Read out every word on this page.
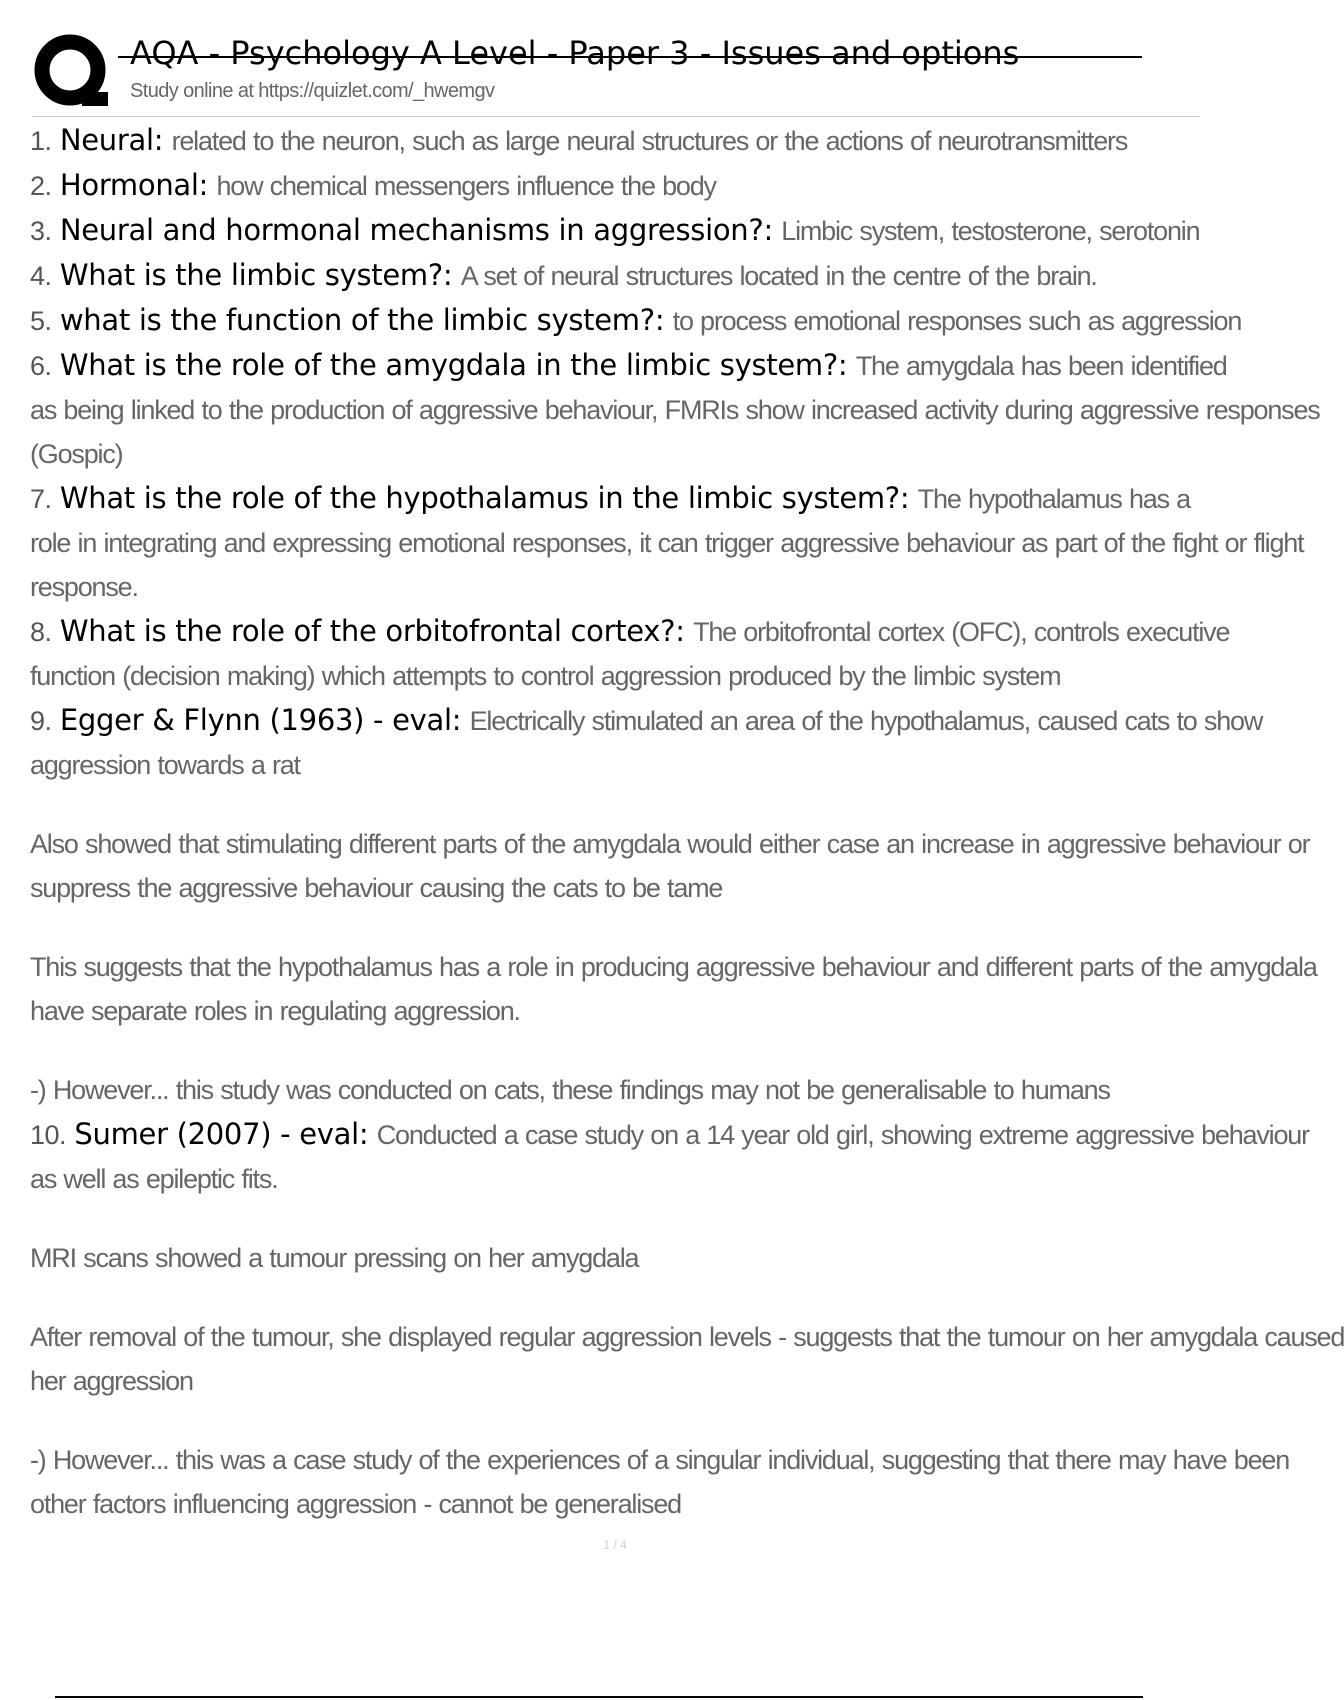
AQA - Psychology A Level - Paper 3 - Issues and options
Study online at https://quizlet.com/_hwemgv

1. Neural: related to the neuron, such as large neural structures or the actions of neurotransmitters

2. Hormonal: how chemical messengers influence the body

3. Neural and hormonal mechanisms in aggression?: Limbic system, testosterone, serotonin

4. What is the limbic system?: A set of neural structures located in the centre of the brain.

5. what is the function of the limbic system?: to process emotional responses such as aggression

6. What is the role of the amygdala in the limbic system?: The amygdala has been identified

as being linked to the production of aggressive behaviour, FMRIs show increased activity during aggressive responses

(Gospic)

7. What is the role of the hypothalamus in the limbic system?: The hypothalamus has a

role in integrating and expressing emotional responses, it can trigger aggressive behaviour as part of the fight or flight

response.

8. What is the role of the orbitofrontal cortex?: The orbitofrontal cortex (OFC), controls executive

function (decision making) which attempts to control aggression produced by the limbic system

9. Egger & Flynn (1963) - eval: Electrically stimulated an area of the hypothalamus, caused cats to show

aggression towards a rat

Also showed that stimulating different parts of the amygdala would either case an increase in aggressive behaviour or

suppress the aggressive behaviour causing the cats to be tame

This suggests that the hypothalamus has a role in producing aggressive behaviour and different parts of the amygdala

have separate roles in regulating aggression.

-) However... this study was conducted on cats, these findings may not be generalisable to humans

10. Sumer (2007) - eval: Conducted a case study on a 14 year old girl, showing extreme aggressive behaviour

as well as epileptic fits.

MRI scans showed a tumour pressing on her amygdala

After removal of the tumour, she displayed regular aggression levels - suggests that the tumour on her amygdala caused

her aggression

-) However... this was a case study of the experiences of a singular individual, suggesting that there may have been

other factors influencing aggression - cannot be generalised

1 / 4
